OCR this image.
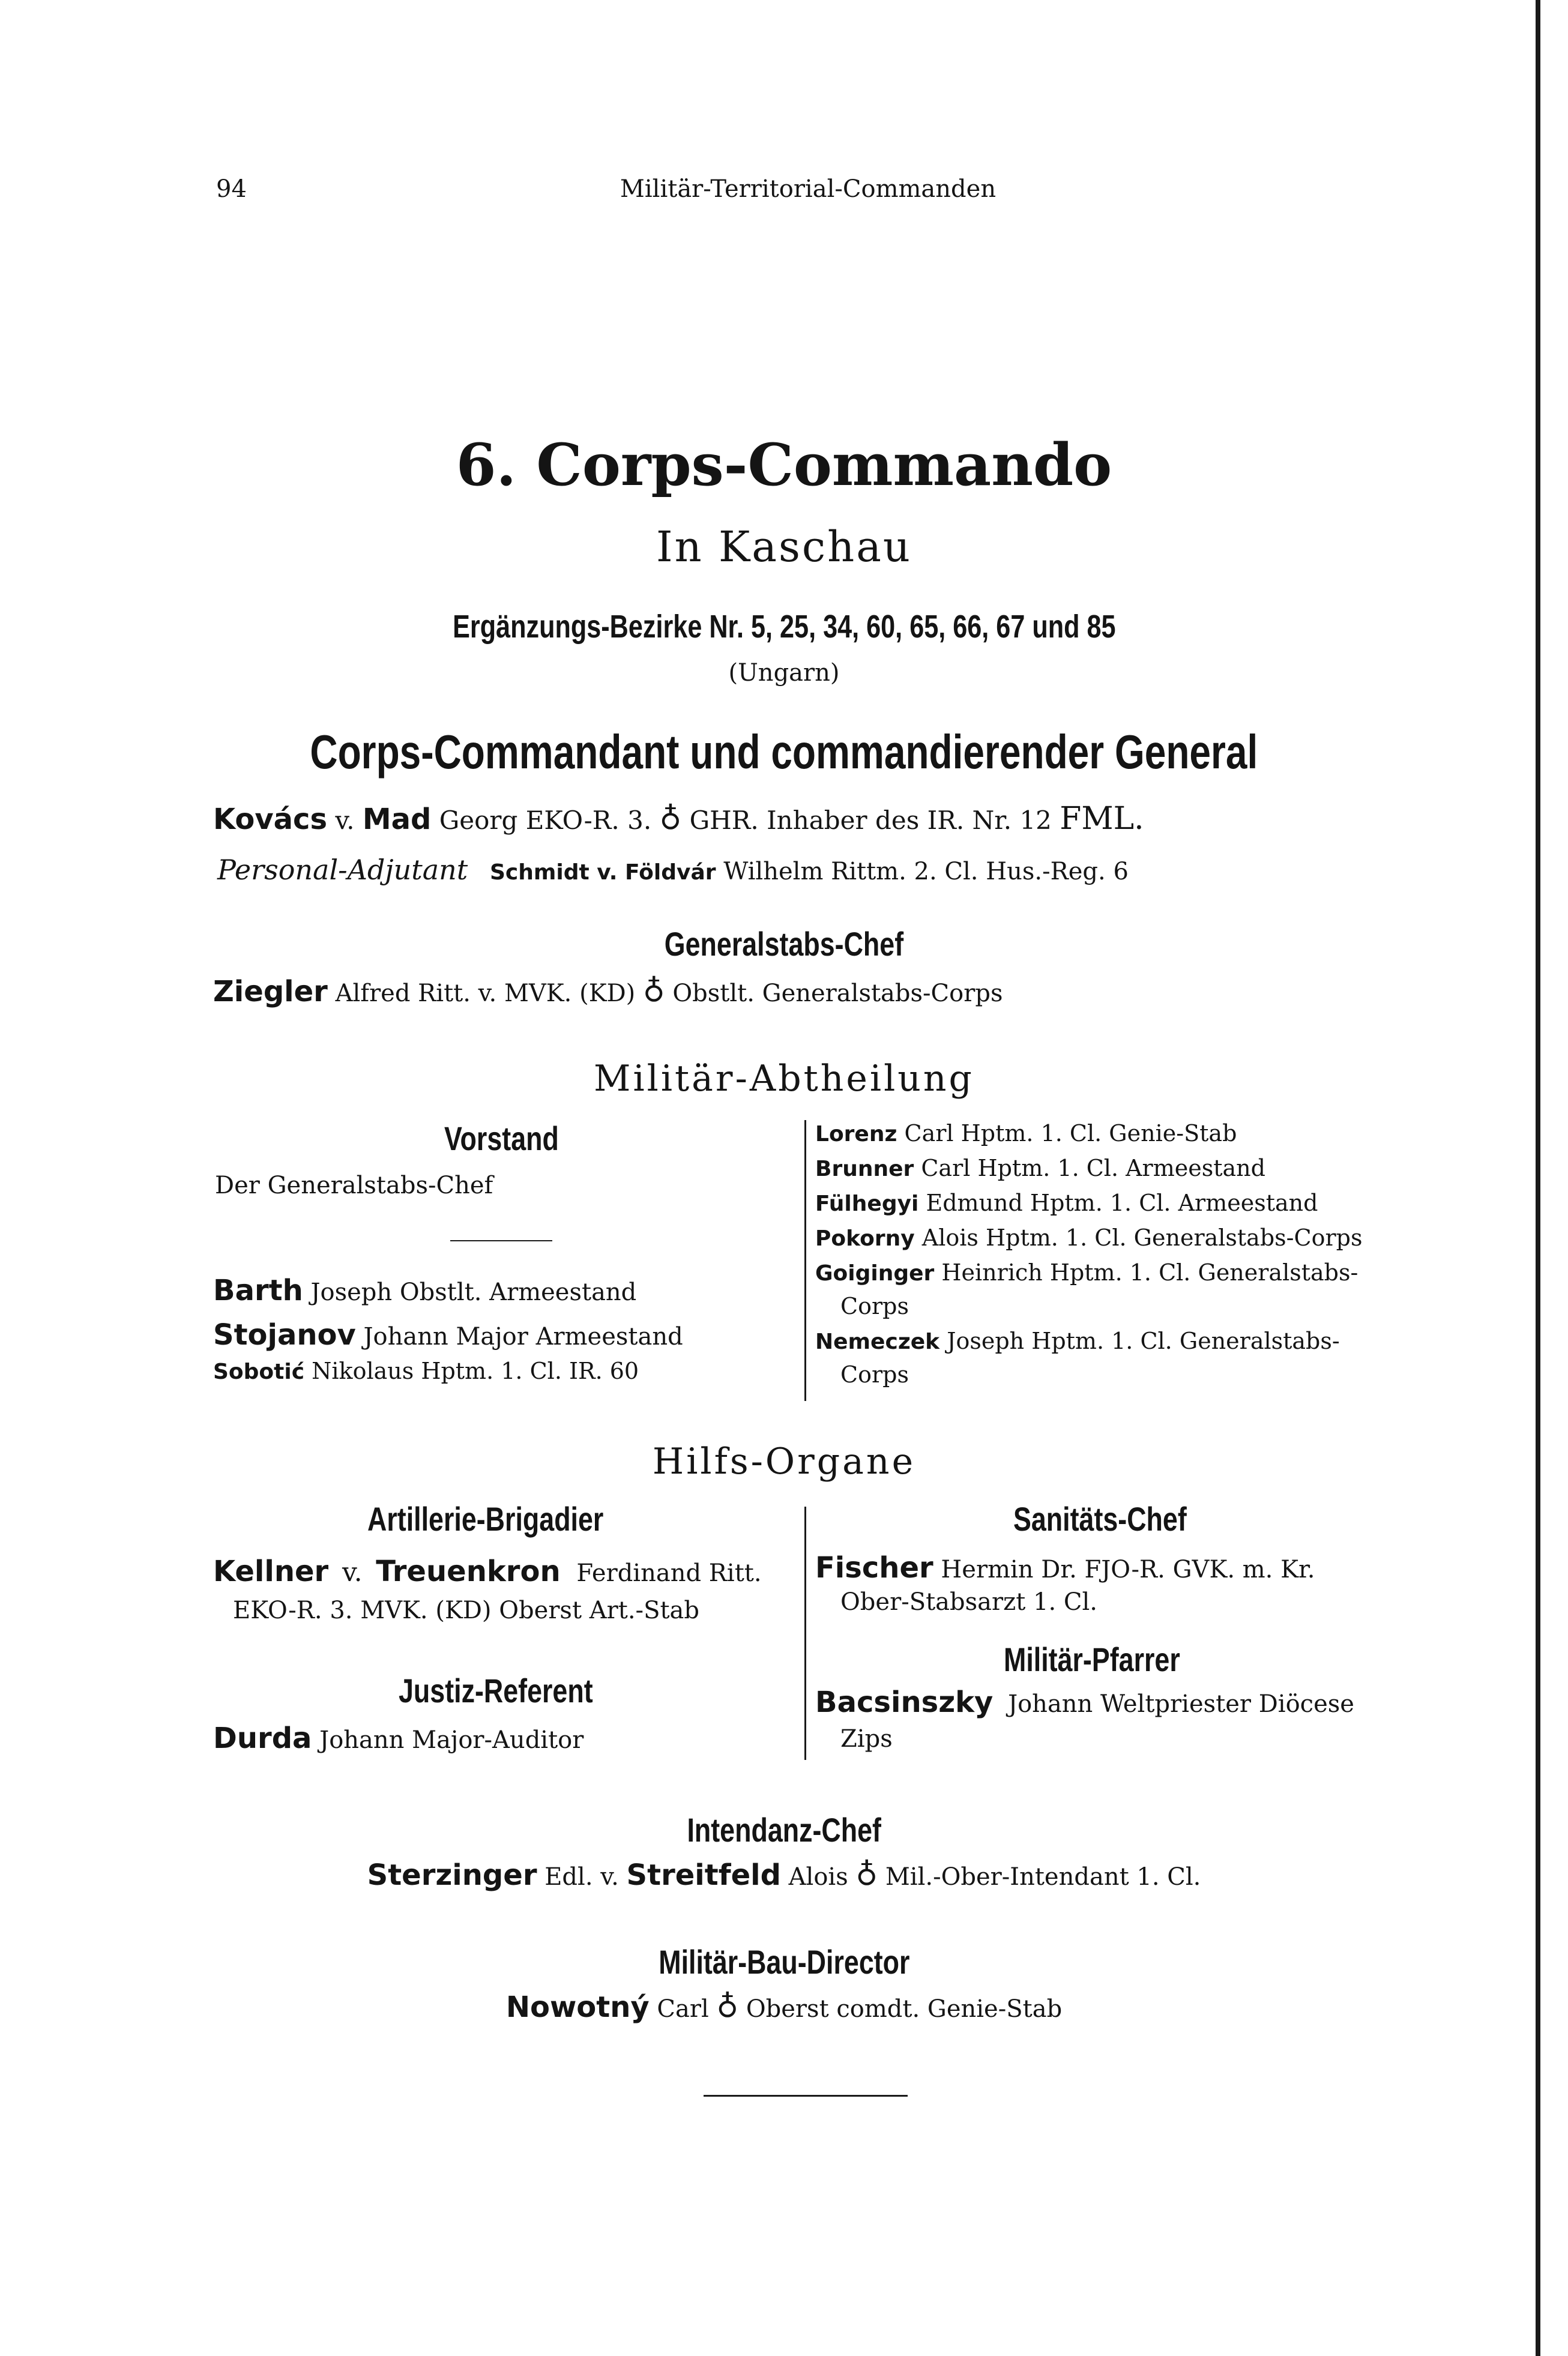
94	Militär-Territorial-Commanden
6. Corps-Commando
In Kaschau
Ergänzungs-Bezirke Nr. 5, 25, 34, 60, 65, 66, 67 und 85
(Ungarn)
Corps-Commandant und commandierender General
Kovács v. Mad Georg EKO-R. 3. ♁ GHR. Inhaber des IR. Nr. 12 FML.
Personal-Adjutant Schmidt v. Földvár Wilhelm Rittm. 2. Cl. Hus.-Reg. 6
Generalstabs-Chef
Ziegler Alfred Ritt. v. MVK. (KD) ♁ Obstlt. Generalstabs-Corps
Militär-Abtheilung
Vorstand
Der Generalstabs-Chef
Barth Joseph Obstlt. Armeestand
Stojanov Johann Major Armeestand
Sobotić Nikolaus Hptm. 1. Cl. IR. 60
Lorenz Carl Hptm. 1. Cl. Genie-Stab
Brunner Carl Hptm. 1. Cl. Armeestand
Fülhegyi Edmund Hptm. 1. Cl. Armeestand
Pokorny Alois Hptm. 1. Cl. Generalstabs-Corps
Goiginger Heinrich Hptm. 1. Cl. Generalstabs-
Corps
Nemeczek Joseph Hptm. 1. Cl. Generalstabs-
Corps
Hilfs-Organe
Artillerie-Brigadier
Kellner v. Treuenkron Ferdinand Ritt.
EKO-R. 3. MVK. (KD) Oberst Art.-Stab
Justiz-Referent
Durda Johann Major-Auditor
Sanitäts-Chef
Fischer Hermin Dr. FJO-R. GVK. m. Kr.
Ober-Stabsarzt 1. Cl.
Militär-Pfarrer
Bacsinszky Johann Weltpriester Diöcese
Zips
Intendanz-Chef
Sterzinger Edl. v. Streitfeld Alois ♁ Mil.-Ober-Intendant 1. Cl.
Militär-Bau-Director
Nowotný Carl ♁ Oberst comdt. Genie-Stab
